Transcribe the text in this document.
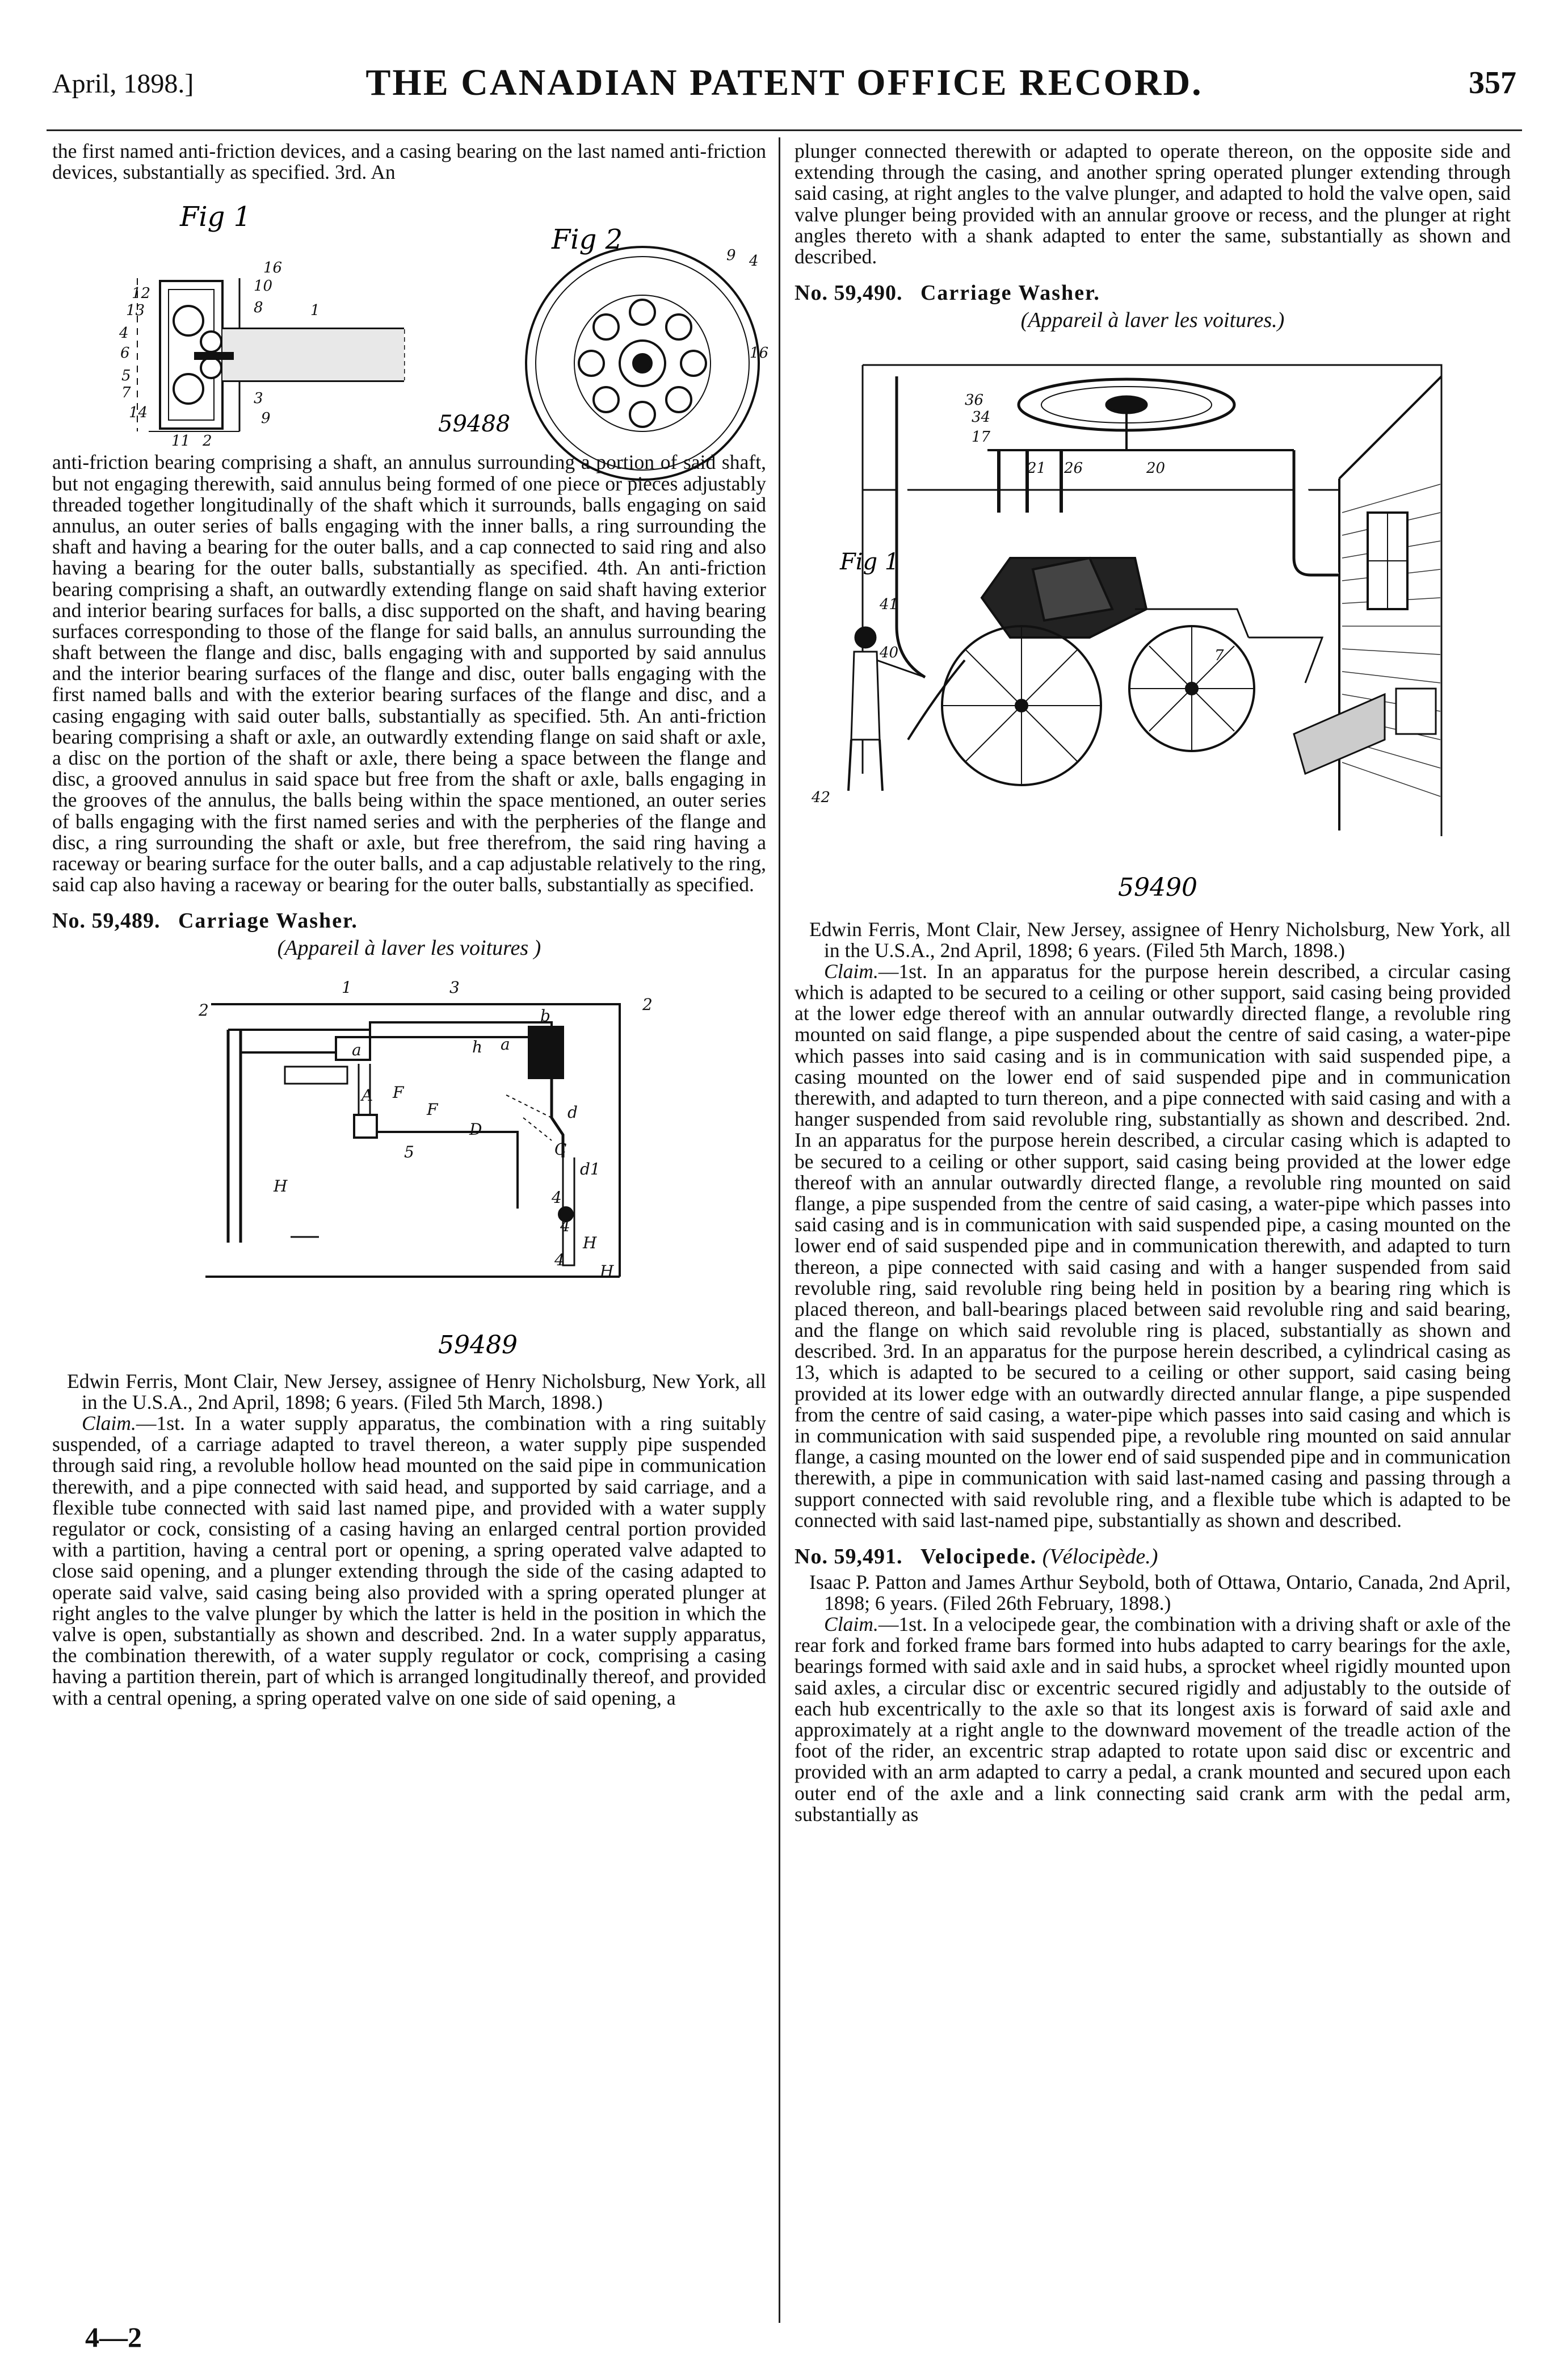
April, 1898.]	THE CANADIAN PATENT OFFICE RECORD.	357

the first named anti-friction devices, and a casing bearing on the last named anti-friction devices, substantially as specified. 3rd. An

Fig 1
Fig 2
16
10
8	1
12
13
4
6
5
7
14
3
9
11 2
9 4
16
59488

anti-friction bearing comprising a shaft, an annulus surrounding a portion of said shaft, but not engaging therewith, said annulus being formed of one piece or pieces adjustably threaded together longitudinally of the shaft which it surrounds, balls engaging on said annulus, an outer series of balls engaging with the inner balls, a ring surrounding the shaft and having a bearing for the outer balls, and a cap connected to said ring and also having a bearing for the outer balls, substantially as specified. 4th. An anti-friction bearing comprising a shaft, an outwardly extending flange on said shaft having exterior and interior bearing surfaces for balls, a disc supported on the shaft, and having bearing surfaces corresponding to those of the flange for said balls, an annulus surrounding the shaft between the flange and disc, balls engaging with and supported by said annulus and the interior bearing surfaces of the flange and disc, outer balls engaging with the first named balls and with the exterior bearing surfaces of the flange and disc, and a casing engaging with said outer balls, substantially as specified. 5th. An anti-friction bearing comprising a shaft or axle, an outwardly extending flange on said shaft or axle, a disc on the portion of the shaft or axle, there being a space between the flange and disc, a grooved annulus in said space but free from the shaft or axle, balls engaging in the grooves of the annulus, the balls being within the space mentioned, an outer series of balls engaging with the first named series and with the perpheries of the flange and disc, a ring surrounding the shaft or axle, but free therefrom, the said ring having a raceway or bearing surface for the outer balls, and a cap adjustable relatively to the ring, said cap also having a raceway or bearing for the outer balls, substantially as specified.

No. 59,489. Carriage Washer.
(Appareil à laver les voitures )
1	3
2	2
a	h a
b
F
A
F
D
d
C
d1
H
4
4
H
4
H
5
59489

Edwin Ferris, Mont Clair, New Jersey, assignee of Henry Nicholsburg, New York, all in the U.S.A., 2nd April, 1898; 6 years. (Filed 5th March, 1898.)

Claim.—1st. In a water supply apparatus, the combination with a ring suitably suspended, of a carriage adapted to travel thereon, a water supply pipe suspended through said ring, a revoluble hollow head mounted on the said pipe in communication therewith, and a pipe connected with said head, and supported by said carriage, and a flexible tube connected with said last named pipe, and provided with a water supply regulator or cock, consisting of a casing having an enlarged central portion provided with a partition, having a central port or opening, a spring operated valve adapted to close said opening, and a plunger extending through the side of the casing adapted to operate said valve, said casing being also provided with a spring operated plunger at right angles to the valve plunger by which the latter is held in the position in which the valve is open, substantially as shown and described. 2nd. In a water supply apparatus, the combination therewith, of a water supply regulator or cock, comprising a casing having a partition therein, part of which is arranged longitudinally thereof, and provided with a central opening, a spring operated valve on one side of said opening, a

4—2

plunger connected therewith or adapted to operate thereon, on the opposite side and extending through the casing, and another spring operated plunger extending through said casing, at right angles to the valve plunger, and adapted to hold the valve open, said valve plunger being provided with an annular groove or recess, and the plunger at right angles thereto with a shank adapted to enter the same, substantially as shown and described.

No. 59,490. Carriage Washer.
(Appareil à laver les voitures.)
36
34
17
21 26	20
41
40
42
7
Fig 1
59490

Edwin Ferris, Mont Clair, New Jersey, assignee of Henry Nicholsburg, New York, all in the U.S.A., 2nd April, 1898; 6 years. (Filed 5th March, 1898.)

Claim.—1st. In an apparatus for the purpose herein described, a circular casing which is adapted to be secured to a ceiling or other support, said casing being provided at the lower edge thereof with an annular outwardly directed flange, a revoluble ring mounted on said flange, a pipe suspended about the centre of said casing, a water-pipe which passes into said casing and is in communication with said suspended pipe, a casing mounted on the lower end of said suspended pipe and in communication therewith, and adapted to turn thereon, and a pipe connected with said casing and with a hanger suspended from said revoluble ring, substantially as shown and described. 2nd. In an apparatus for the purpose herein described, a circular casing which is adapted to be secured to a ceiling or other support, said casing being provided at the lower edge thereof with an annular outwardly directed flange, a revoluble ring mounted on said flange, a pipe suspended from the centre of said casing, a water-pipe which passes into said casing and is in communication with said suspended pipe, a casing mounted on the lower end of said suspended pipe and in communication therewith, and adapted to turn thereon, a pipe connected with said casing and with a hanger suspended from said revoluble ring, said revoluble ring being held in position by a bearing ring which is placed thereon, and ball-bearings placed between said revoluble ring and said bearing, and the flange on which said revoluble ring is placed, substantially as shown and described. 3rd. In an apparatus for the purpose herein described, a cylindrical casing as 13, which is adapted to be secured to a ceiling or other support, said casing being provided at its lower edge with an outwardly directed annular flange, a pipe suspended from the centre of said casing, a water-pipe which passes into said casing and which is in communication with said suspended pipe, a revoluble ring mounted on said annular flange, a casing mounted on the lower end of said suspended pipe and in communication therewith, a pipe in communication with said last-named casing and passing through a support connected with said revoluble ring, and a flexible tube which is adapted to be connected with said last-named pipe, substantially as shown and described.

No. 59,491. Velocipede. (Vélocipède.)

Isaac P. Patton and James Arthur Seybold, both of Ottawa, Ontario, Canada, 2nd April, 1898; 6 years. (Filed 26th February, 1898.)

Claim.—1st. In a velocipede gear, the combination with a driving shaft or axle of the rear fork and forked frame bars formed into hubs adapted to carry bearings for the axle, bearings formed with said axle and in said hubs, a sprocket wheel rigidly mounted upon said axles, a circular disc or excentric secured rigidly and adjustably to the outside of each hub excentrically to the axle so that its longest axis is forward of said axle and approximately at a right angle to the downward movement of the treadle action of the foot of the rider, an excentric strap adapted to rotate upon said disc or excentric and provided with an arm adapted to carry a pedal, a crank mounted and secured upon each outer end of the axle and a link connecting said crank arm with the pedal arm, substantially as
